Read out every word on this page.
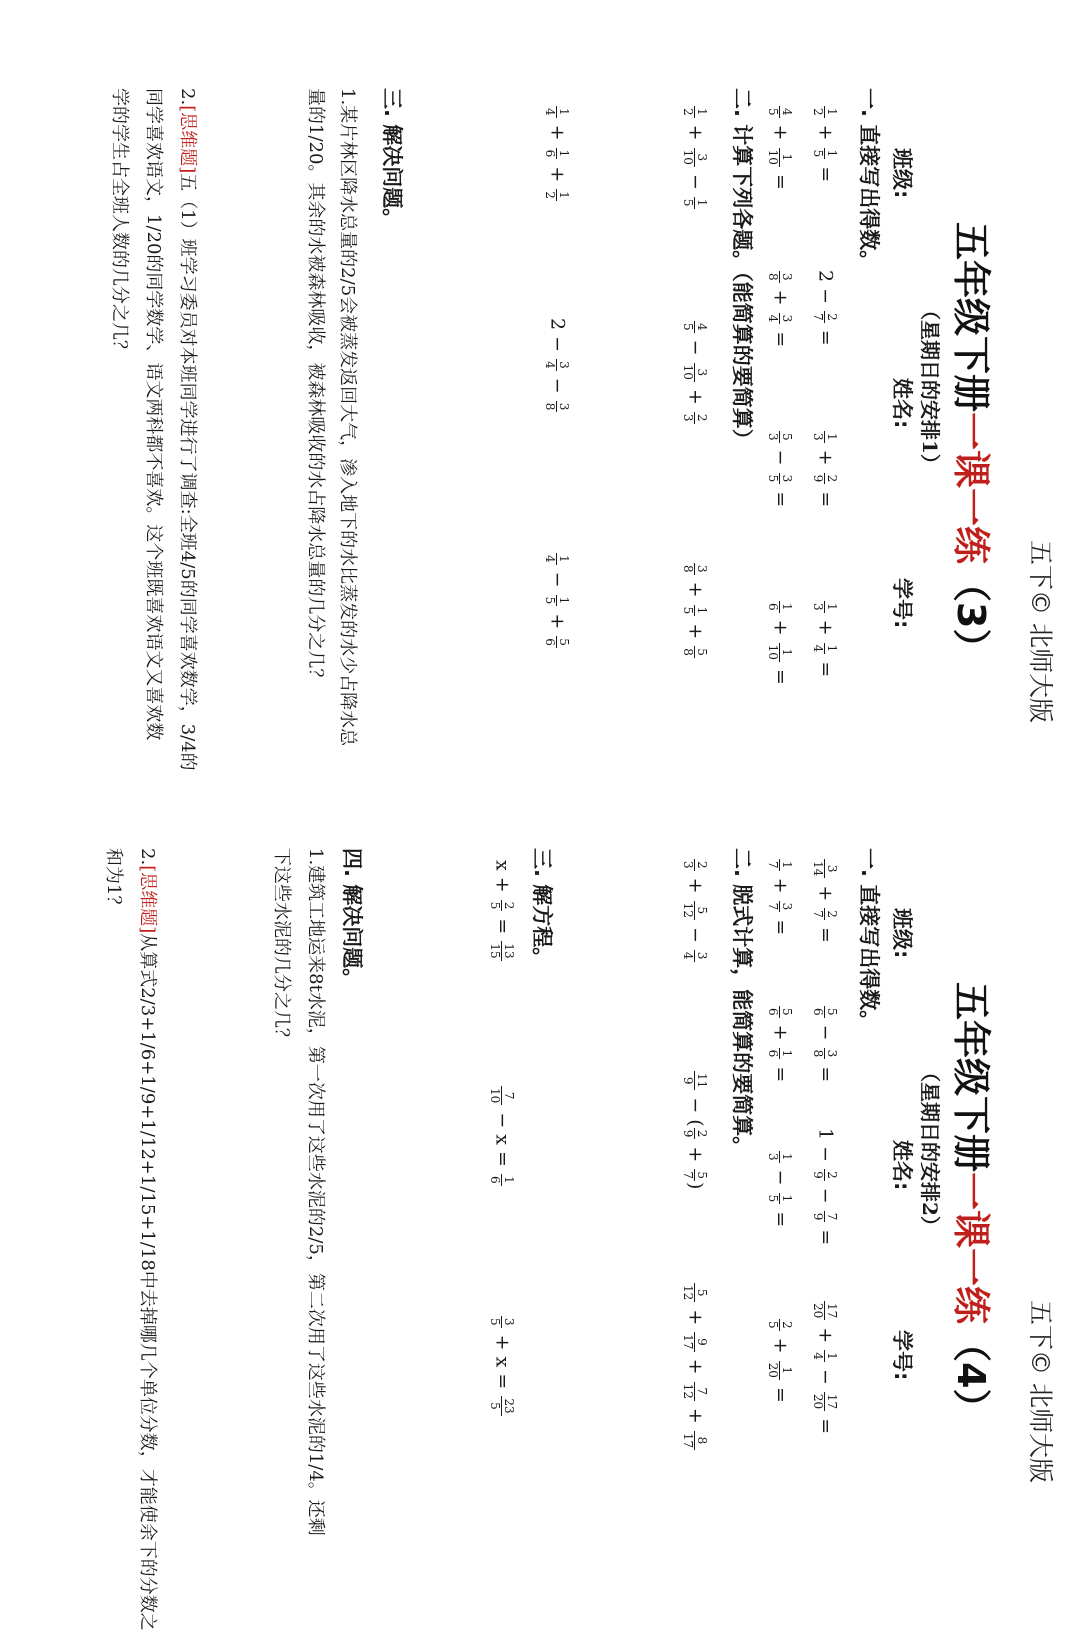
五下© 北师大版
五年级下册一课一练（3）
（星期日的安排1）
班级:
姓名:
学号:
一. 直接写出得数。
1
2
+
1
5
=
2 −
2
7
=
1
3
+
2
9
=
1
3
+
1
4
=
4
5
+
1
10
=
3
8
+
3
4
=
5
3
−
3
5
=
1
6
+
1
10
=
二. 计算下列各题。（能简算的要简算）
1
2
+
3
10
−
1
5
4
5
−
3
10
+
2
3
3
8
+
1
5
+
5
8
1
4
+
1
6
+
1
2
2 −
3
4
−
3
8
1
4
−
1
5
+
5
6
三. 解决问题。
1.某片林区降水总量的2/5会被蒸发返回大气，渗入地下的水比蒸发的水少占降水总
量的1/20。其余的水被森林吸收，被森林吸收的水占降水总量的几分之几？
2.[思维题]五（1）班学习委员对本班同学进行了调查:全班4/5的同学喜欢数学，3/4的
同学喜欢语文，1/20的同学数学、语文两科都不喜欢。这个班既喜欢语文又喜欢数
学的学生占全班人数的几分之几？
五下© 北师大版
五年级下册一课一练（4）
（星期日的安排2）
班级:
姓名:
学号:
一. 直接写出得数。
3
14
+
2
7
=
5
6
−
3
8
=
1 −
2
9
−
7
9
=
17
20
+
1
4
−
17
20
=
1
7
+
3
7
=
5
6
+
1
6
=
1
3
−
1
5
=
2
5
+
1
20
=
二. 脱式计算，能简算的要简算。
2
3
+
5
12
−
3
4
11
9
− (
2
9
+
5
7
)
5
12
+
9
17
+
7
12
+
8
17
三. 解方程。
x +
2
5
=
13
15
7
10
− x =
1
6
3
5
+ x =
23
5
四. 解决问题。
1.建筑工地运来8t水泥，第一次用了这些水泥的2/5，第二次用了这些水泥的1/4。还剩
下这些水泥的几分之几？
2.[思维题]从算式2/3+1/6+1/9+1/12+1/15+1/18中去掉哪几个单位分数，才能使余下的分数之
和为1？
